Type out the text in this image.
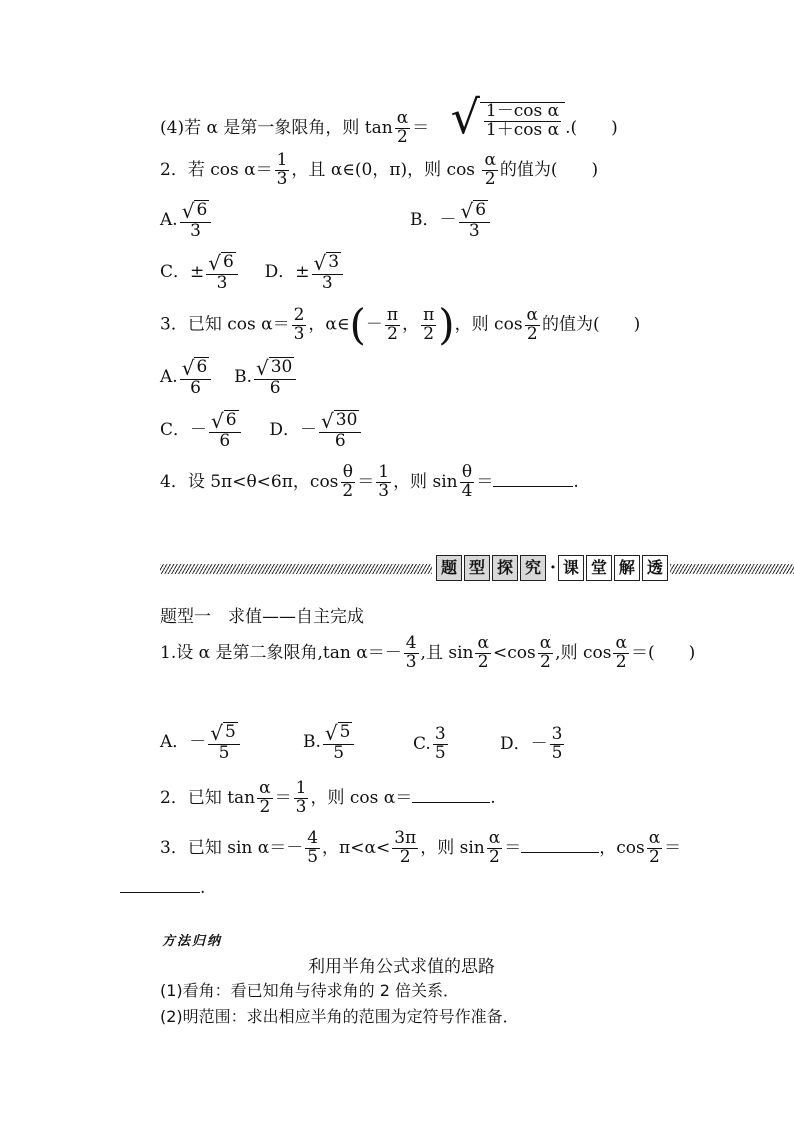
(4)若 α 是第一象限角，则 $\tan \frac{\alpha}{2}$ ＝ √ $\frac{\text{1－cos α}}{\text{1＋cos α}}$ .(　　)
2．若 $\cos \alpha= \frac{1}{3}$ ，且 α∈(0，π)，则 $\cos \frac{\alpha}{2}$ 的值为(　　)
A. $\frac{√ 6}{3}$	B．－ $\frac{√ 6}{3}$
C．± $\frac{√ 6}{3}$ D．± $\frac{√ 3}{3}$
3．已知 $\cos \alpha= \frac{2}{3}$ ，α∈(－ $\frac{\pi}{2}$ ， $\frac{\pi}{2}$ )，则 $\cos \frac{\alpha}{2}$ 的值为(　　)
A. $\frac{√ 6}{6} B$. $\frac{√ 30}{6}$
C．－ $\frac{√ 6}{6}$ D．－ $\frac{√ 30}{6}$
4．设 5π<θ<6π，$\cos \frac{\theta}{2} = \frac{1}{3}$ ，则 $\sin \frac{\theta}{4}$ ＝	.
题 型 探 究 · 课 堂 解 透
题型一　求值——自主完成
1.设 α 是第二象限角,tan $\alpha=- \frac{4}{3}$ ,且 $\sin \frac{\alpha}{2} <\cos \frac{\alpha}{2}$ ,则 $\cos \frac{\alpha}{2}$ ＝(　　)
A．－ $\frac{√ 5}{5}$	B. $\frac{√ 5}{5}$	C. $\frac{3}{5}$	D．－ $\frac{3}{5}$
2．已知 $\tan \frac{\alpha}{2} = \frac{1}{3}$ ，则 cos α＝	.
3．已知 $\sin \alpha=- \frac{4}{5}$ ，$\pi<\alpha< \frac{3\pi}{2}$ ，则 $\sin \frac{\alpha}{2}$ ＝	，$\cos \frac{\alpha}{2}$ ＝
.
方法归纳
利用半角公式求值的思路
(1)看角：看已知角与待求角的 2 倍关系．
(2)明范围：求出相应半角的范围为定符号作准备．
